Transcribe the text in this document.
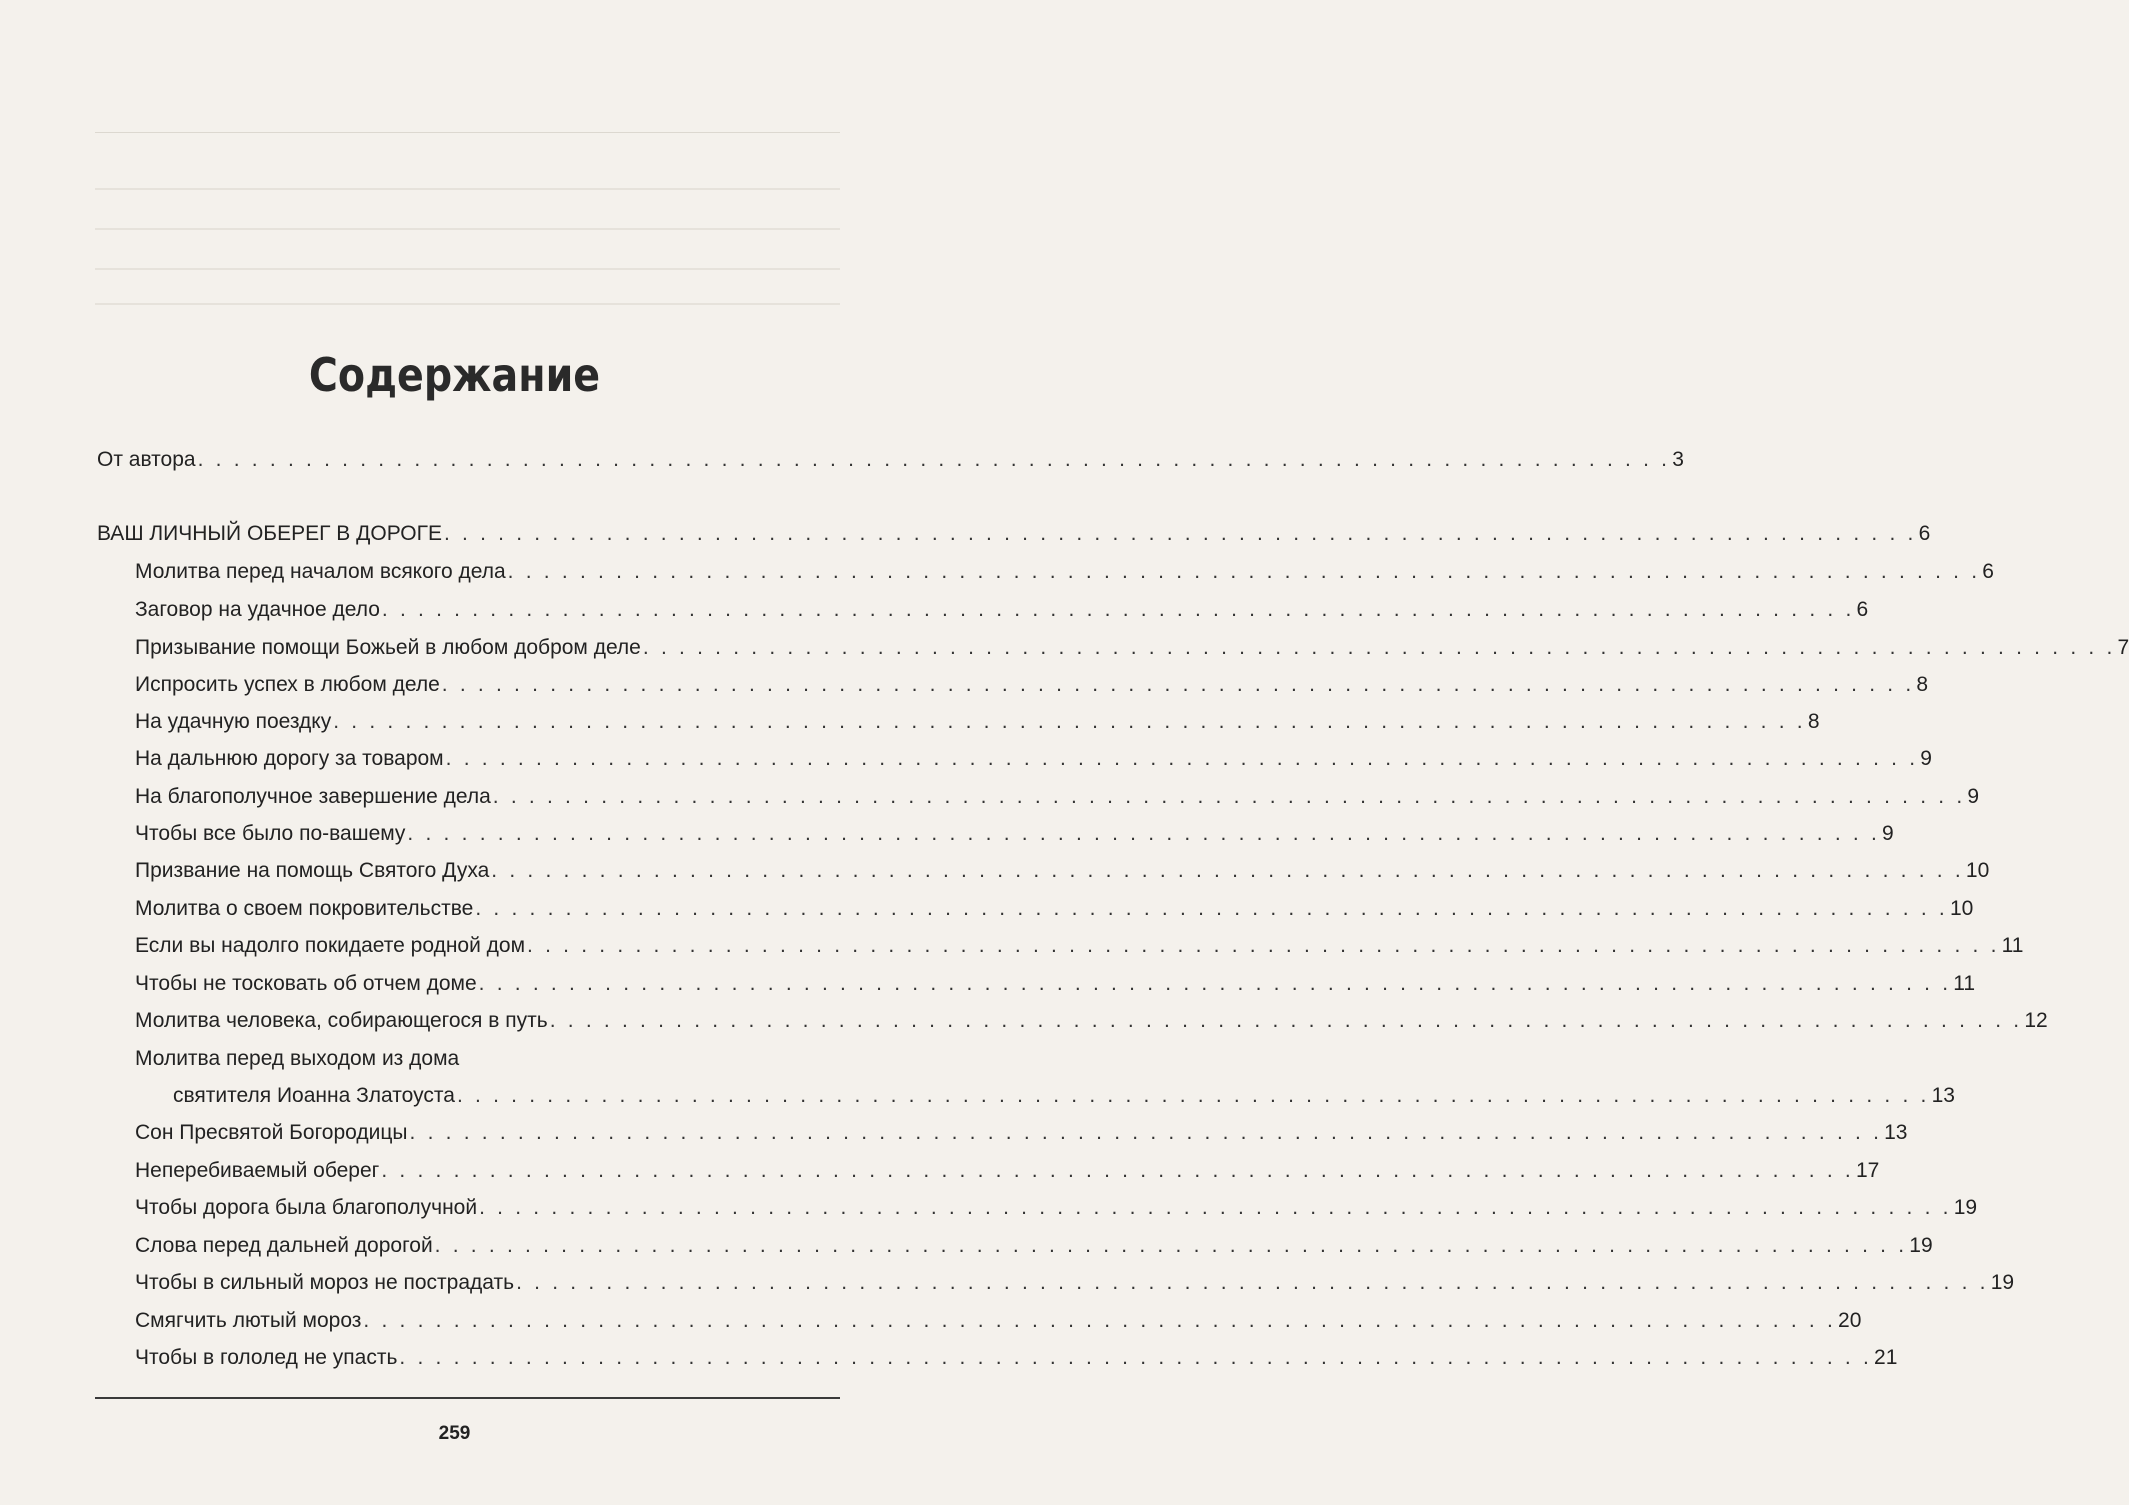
Содержание
От автора . . . . . . . . . . . . . . . . . . . . . . . . . . . . . . . . . . . . . . . . . . . . . . . . . . . . . . . . . . . . . . . . . . . . . . . . . . . . . . . . . . 3
ВАШ ЛИЧНЫЙ ОБЕРЕГ В ДОРОГЕ . . . . . . . . . . . . . . . . . . . . . . . . . . . . . . . . . . . . . . . . . . . . . . . . . . . . . . . . . . . . . . . . . . . . . . . . . . . . . . . . . . 6
Молитва перед началом всякого дела . . . . . . . . . . . . . . . . . . . . . . . . . . . . . . . . . . . . . . . . . . . . . . . . . . . . . . . . . . . . . . . . . . . . . . . . . . . . . . . . . . 6
Заговор на удачное дело . . . . . . . . . . . . . . . . . . . . . . . . . . . . . . . . . . . . . . . . . . . . . . . . . . . . . . . . . . . . . . . . . . . . . . . . . . . . . . . . . . 6
Призывание помощи Божьей в любом добром деле . . . . . . . . . . . . . . . . . . . . . . . . . . . . . . . . . . . . . . . . . . . . . . . . . . . . . . . . . . . . . . . . . . . . . . . . . . . . . . . . . . 7
Испросить успех в любом деле . . . . . . . . . . . . . . . . . . . . . . . . . . . . . . . . . . . . . . . . . . . . . . . . . . . . . . . . . . . . . . . . . . . . . . . . . . . . . . . . . . 8
На удачную поездку . . . . . . . . . . . . . . . . . . . . . . . . . . . . . . . . . . . . . . . . . . . . . . . . . . . . . . . . . . . . . . . . . . . . . . . . . . . . . . . . . . 8
На дальнюю дорогу за товаром . . . . . . . . . . . . . . . . . . . . . . . . . . . . . . . . . . . . . . . . . . . . . . . . . . . . . . . . . . . . . . . . . . . . . . . . . . . . . . . . . . 9
На благополучное завершение дела . . . . . . . . . . . . . . . . . . . . . . . . . . . . . . . . . . . . . . . . . . . . . . . . . . . . . . . . . . . . . . . . . . . . . . . . . . . . . . . . . . 9
Чтобы все было по-вашему . . . . . . . . . . . . . . . . . . . . . . . . . . . . . . . . . . . . . . . . . . . . . . . . . . . . . . . . . . . . . . . . . . . . . . . . . . . . . . . . . . 9
Призвание на помощь Святого Духа . . . . . . . . . . . . . . . . . . . . . . . . . . . . . . . . . . . . . . . . . . . . . . . . . . . . . . . . . . . . . . . . . . . . . . . . . . . . . . . . . . 10
Молитва о своем покровительстве . . . . . . . . . . . . . . . . . . . . . . . . . . . . . . . . . . . . . . . . . . . . . . . . . . . . . . . . . . . . . . . . . . . . . . . . . . . . . . . . . . 10
Если вы надолго покидаете родной дом . . . . . . . . . . . . . . . . . . . . . . . . . . . . . . . . . . . . . . . . . . . . . . . . . . . . . . . . . . . . . . . . . . . . . . . . . . . . . . . . . . 11
Чтобы не тосковать об отчем доме . . . . . . . . . . . . . . . . . . . . . . . . . . . . . . . . . . . . . . . . . . . . . . . . . . . . . . . . . . . . . . . . . . . . . . . . . . . . . . . . . . 11
Молитва человека, собирающегося в путь . . . . . . . . . . . . . . . . . . . . . . . . . . . . . . . . . . . . . . . . . . . . . . . . . . . . . . . . . . . . . . . . . . . . . . . . . . . . . . . . . . 12
Молитва перед выходом из дома
святителя Иоанна Златоуста . . . . . . . . . . . . . . . . . . . . . . . . . . . . . . . . . . . . . . . . . . . . . . . . . . . . . . . . . . . . . . . . . . . . . . . . . . . . . . . . . . 13
Сон Пресвятой Богородицы . . . . . . . . . . . . . . . . . . . . . . . . . . . . . . . . . . . . . . . . . . . . . . . . . . . . . . . . . . . . . . . . . . . . . . . . . . . . . . . . . . 13
Неперебиваемый оберег . . . . . . . . . . . . . . . . . . . . . . . . . . . . . . . . . . . . . . . . . . . . . . . . . . . . . . . . . . . . . . . . . . . . . . . . . . . . . . . . . . 17
Чтобы дорога была благополучной . . . . . . . . . . . . . . . . . . . . . . . . . . . . . . . . . . . . . . . . . . . . . . . . . . . . . . . . . . . . . . . . . . . . . . . . . . . . . . . . . . 19
Слова перед дальней дорогой . . . . . . . . . . . . . . . . . . . . . . . . . . . . . . . . . . . . . . . . . . . . . . . . . . . . . . . . . . . . . . . . . . . . . . . . . . . . . . . . . . 19
Чтобы в сильный мороз не пострадать . . . . . . . . . . . . . . . . . . . . . . . . . . . . . . . . . . . . . . . . . . . . . . . . . . . . . . . . . . . . . . . . . . . . . . . . . . . . . . . . . . 19
Смягчить лютый мороз . . . . . . . . . . . . . . . . . . . . . . . . . . . . . . . . . . . . . . . . . . . . . . . . . . . . . . . . . . . . . . . . . . . . . . . . . . . . . . . . . . 20
Чтобы в гололед не упасть . . . . . . . . . . . . . . . . . . . . . . . . . . . . . . . . . . . . . . . . . . . . . . . . . . . . . . . . . . . . . . . . . . . . . . . . . . . . . . . . . . 21
259
